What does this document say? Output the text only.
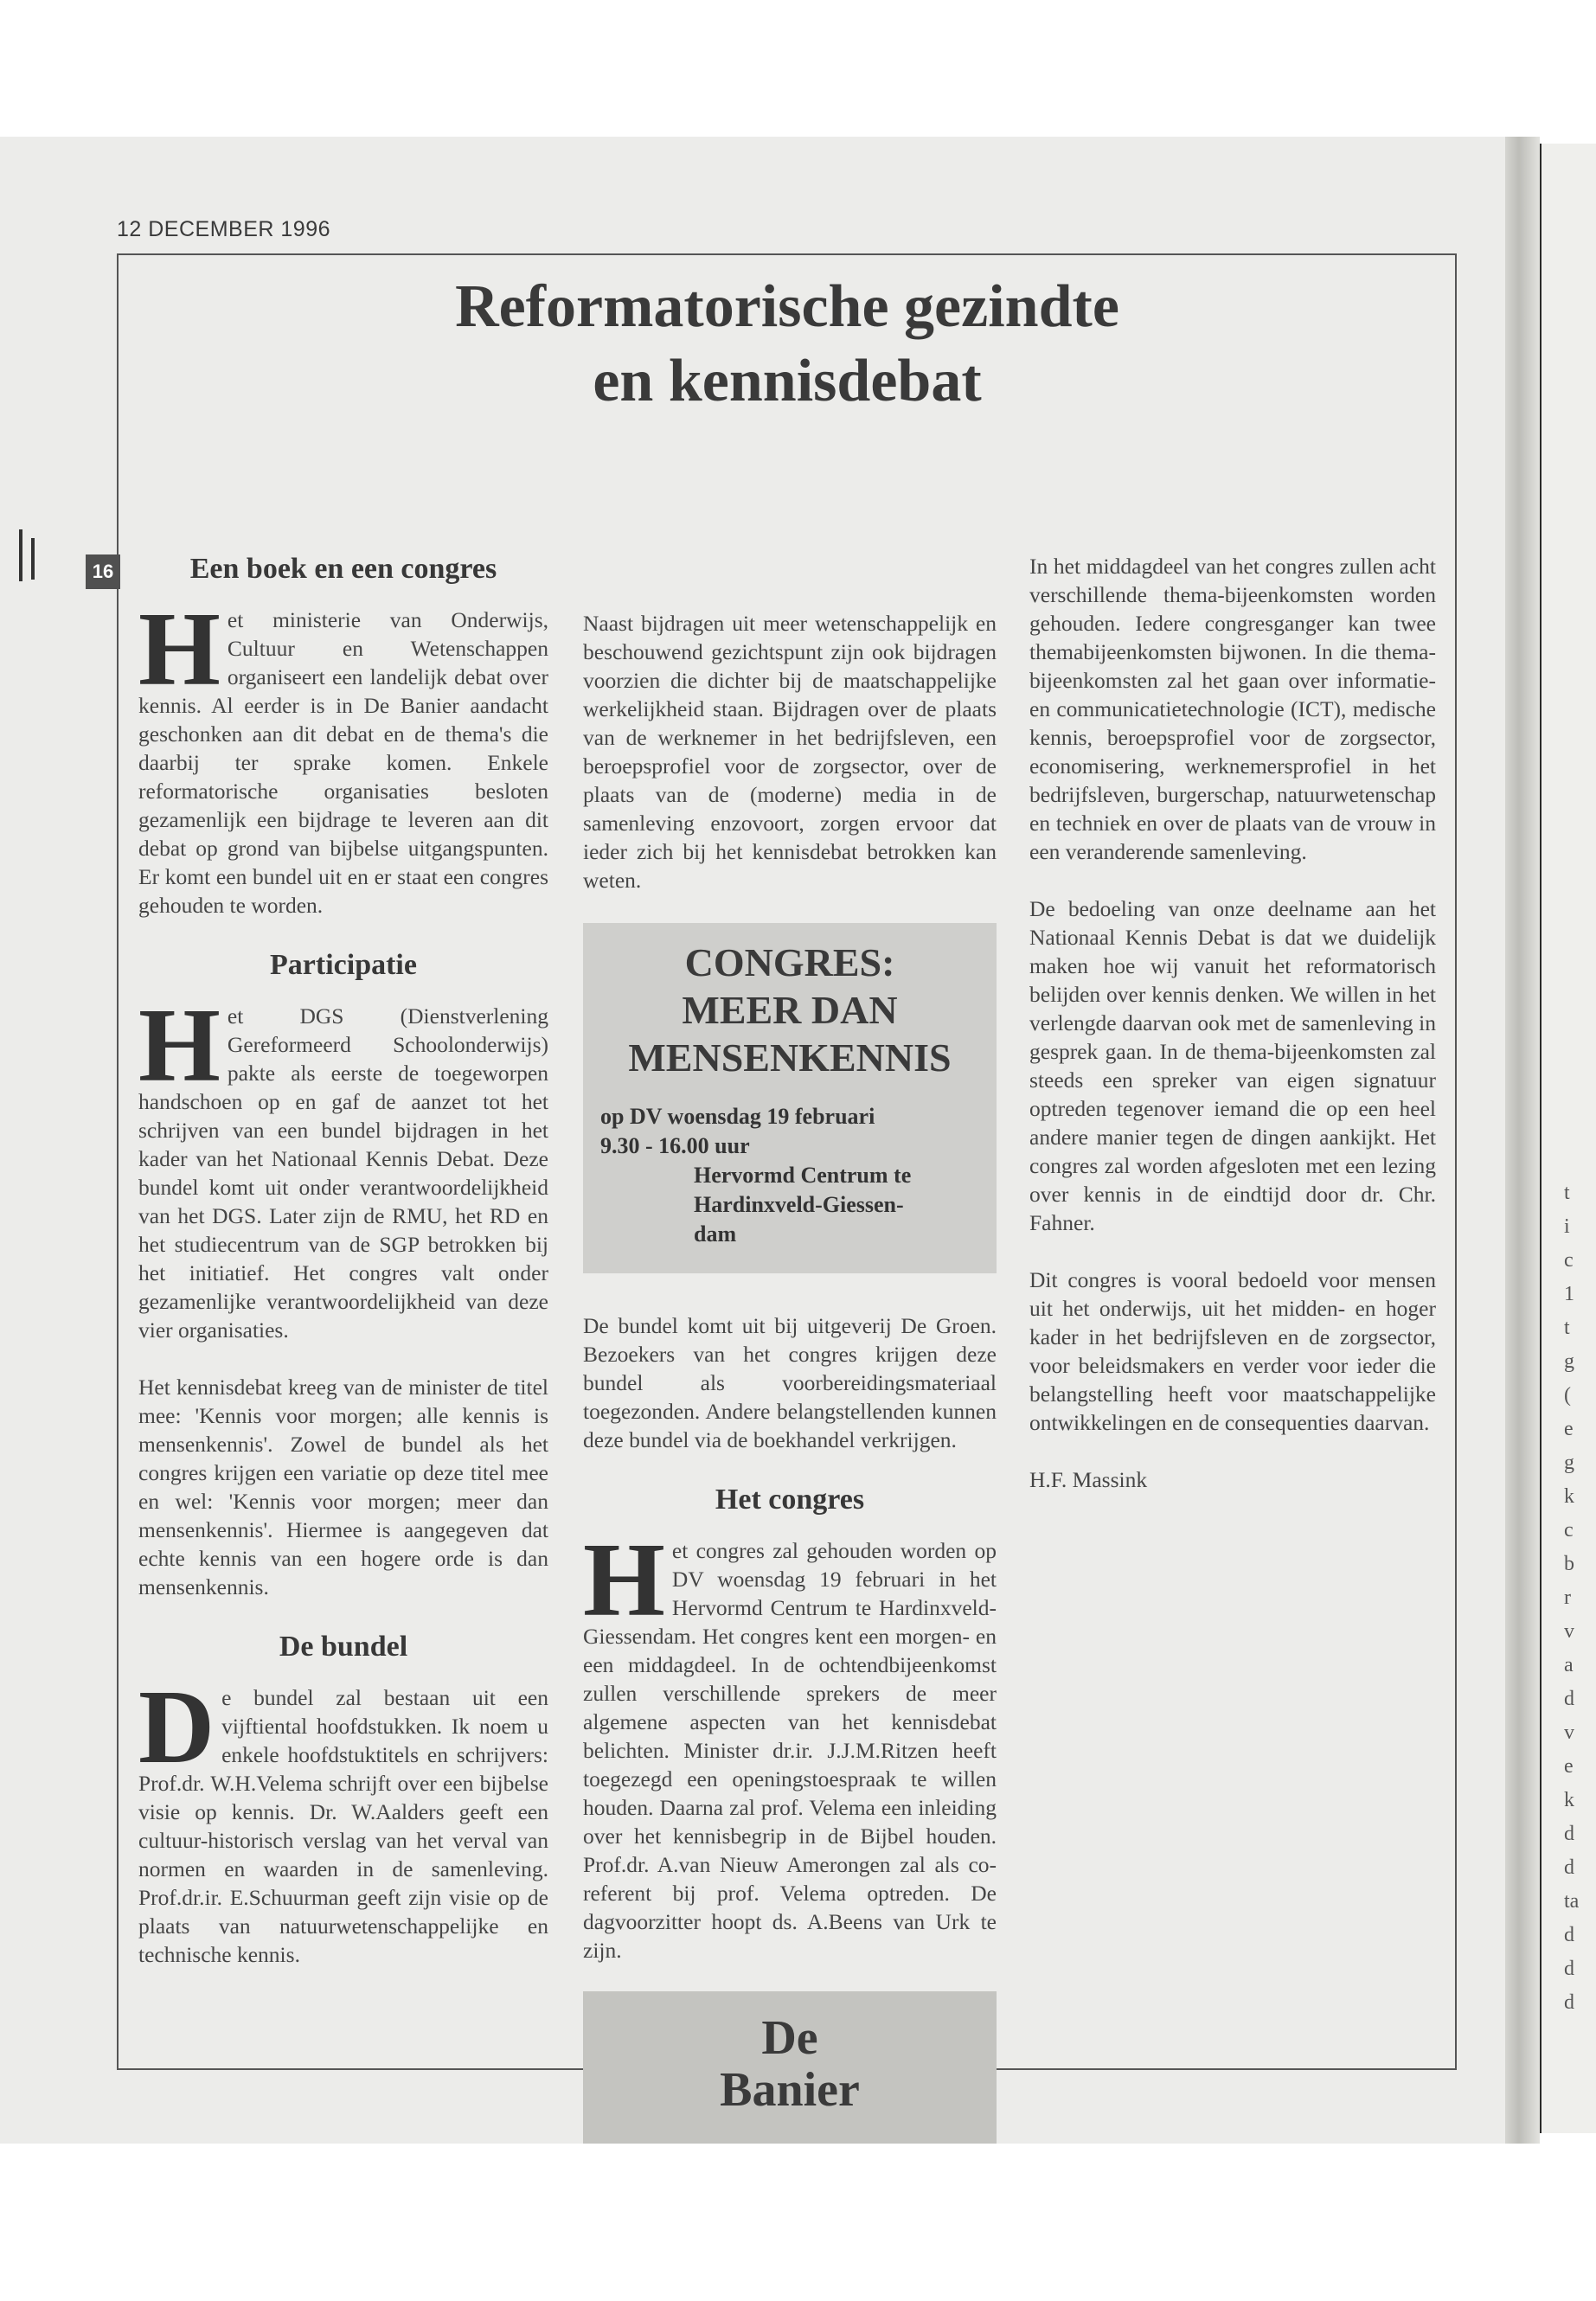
t
i
c
1
t
g
(
e
g
k
c
b
r
v
a
d
v
e
k
d
d
ta
d
d
d
12 DECEMBER 1996
16
Reformatorische gezindte
en kennisdebat
Een boek en een congres

Het ministerie van Onderwijs, Cultuur en Wetenschappen organiseert een landelijk debat over kennis. Al eerder is in De Banier aandacht geschonken aan dit debat en de thema's die daarbij ter sprake komen. Enkele reformatorische organisaties besloten gezamenlijk een bijdrage te leveren aan dit debat op grond van bijbelse uitgangspunten. Er komt een bundel uit en er staat een congres gehouden te worden.

Participatie

Het DGS (Dienstverlening Gereformeerd Schoolonderwijs) pakte als eerste de toegeworpen handschoen op en gaf de aanzet tot het schrijven van een bundel bijdragen in het kader van het Nationaal Kennis Debat. Deze bundel komt uit onder verantwoordelijkheid van het DGS. Later zijn de RMU, het RD en het studiecentrum van de SGP betrokken bij het initiatief. Het congres valt onder gezamenlijke verantwoordelijkheid van deze vier organisaties.

Het kennisdebat kreeg van de minister de titel mee: 'Kennis voor morgen; alle kennis is mensenkennis'. Zowel de bundel als het congres krijgen een variatie op deze titel mee en wel: 'Kennis voor morgen; meer dan mensenkennis'. Hiermee is aangegeven dat echte kennis van een hogere orde is dan mensenkennis.

De bundel

De bundel zal bestaan uit een vijftiental hoofdstukken. Ik noem u enkele hoofdstuktitels en schrijvers: Prof.dr. W.H.Velema schrijft over een bijbelse visie op kennis. Dr. W.Aalders geeft een cultuur-historisch verslag van het verval van normen en waarden in de samenleving. Prof.dr.ir. E.Schuurman geeft zijn visie op de plaats van natuurwetenschappelijke en technische kennis.

Naast bijdragen uit meer wetenschappelijk en beschouwend gezichtspunt zijn ook bijdragen voorzien die dichter bij de maatschappelijke werkelijkheid staan. Bijdragen over de plaats van de werknemer in het bedrijfsleven, een beroepsprofiel voor de zorgsector, over de plaats van de (moderne) media in de samenleving enzovoort, zorgen ervoor dat ieder zich bij het kennisdebat betrokken kan weten.

CONGRES:
MEER DAN
MENSENKENNIS
op DV woensdag 19 februari
9.30 - 16.00 uur
Hervormd Centrum te
Hardinxveld-Giessen-
dam

De bundel komt uit bij uitgeverij De Groen. Bezoekers van het congres krijgen deze bundel als voorbereidingsmateriaal toegezonden. Andere belangstellenden kunnen deze bundel via de boekhandel verkrijgen.

Het congres

Het congres zal gehouden worden op DV woensdag 19 februari in het Hervormd Centrum te Hardinxveld-Giessendam. Het congres kent een morgen- en een middagdeel. In de ochtendbijeenkomst zullen verschillende sprekers de meer algemene aspecten van het kennisdebat belichten. Minister dr.ir. J.J.M.Ritzen heeft toegezegd een openingstoespraak te willen houden. Daarna zal prof. Velema een inleiding over het kennisbegrip in de Bijbel houden. Prof.dr. A.van Nieuw Amerongen zal als co-referent bij prof. Velema optreden. De dagvoorzitter hoopt ds. A.Beens van Urk te zijn.

In het middagdeel van het congres zullen acht verschillende thema-bijeenkomsten worden gehouden. Iedere congresganger kan twee themabijeenkomsten bijwonen. In die thema-bijeenkomsten zal het gaan over informatie- en communicatietechnologie (ICT), medische kennis, beroepsprofiel voor de zorgsector, economisering, werknemersprofiel in het bedrijfsleven, burgerschap, natuurwetenschap en techniek en over de plaats van de vrouw in een veranderende samenleving.

De bedoeling van onze deelname aan het Nationaal Kennis Debat is dat we duidelijk maken hoe wij vanuit het reformatorisch belijden over kennis denken. We willen in het verlengde daarvan ook met de samenleving in gesprek gaan. In de thema-bijeenkomsten zal steeds een spreker van eigen signatuur optreden tegenover iemand die op een heel andere manier tegen de dingen aankijkt. Het congres zal worden afgesloten met een lezing over kennis in de eindtijd door dr. Chr. Fahner.

Dit congres is vooral bedoeld voor mensen uit het onderwijs, uit het midden- en hoger kader in het bedrijfsleven en de zorgsector, voor beleidsmakers en verder voor ieder die belangstelling heeft voor maatschappelijke ontwikkelingen en de consequenties daarvan.

H.F. Massink

De
Banier
